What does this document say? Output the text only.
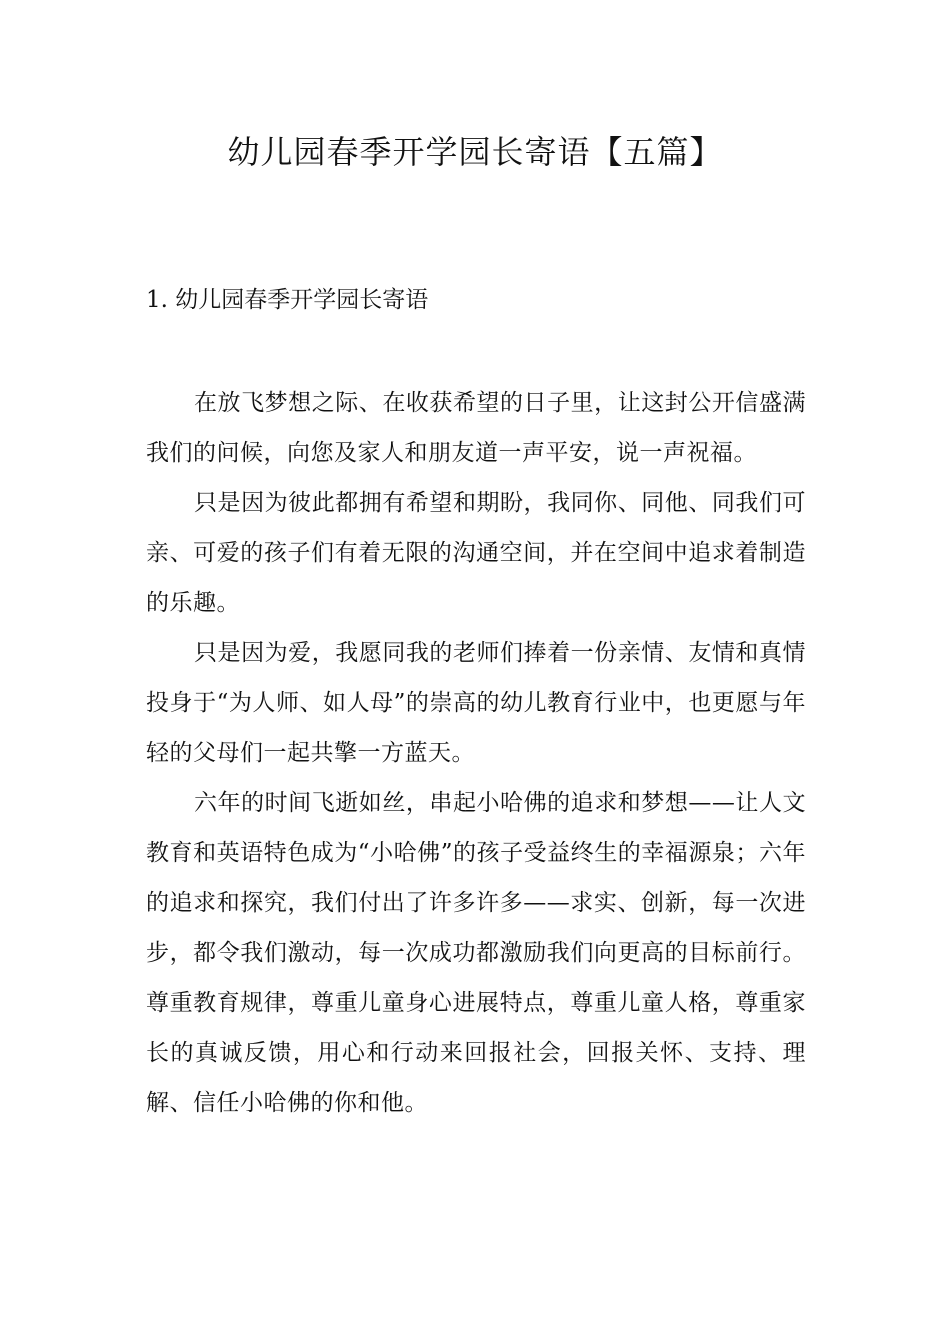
幼儿园春季开学园长寄语【五篇】
1. 幼儿园春季开学园长寄语

在放飞梦想之际、在收获希望的日子里，让这封公开信盛满我们的问候，向您及家人和朋友道一声平安，说一声祝福。

只是因为彼此都拥有希望和期盼，我同你、同他、同我们可亲、可爱的孩子们有着无限的沟通空间，并在空间中追求着制造的乐趣。

只是因为爱，我愿同我的老师们捧着一份亲情、友情和真情投身于“为人师、如人母”的崇高的幼儿教育行业中，也更愿与年轻的父母们一起共擎一方蓝天。

六年的时间飞逝如丝，串起小哈佛的追求和梦想——让人文教育和英语特色成为“小哈佛”的孩子受益终生的幸福源泉；六年的追求和探究，我们付出了许多许多——求实、创新，每一次进步，都令我们激动，每一次成功都激励我们向更高的目标前行。尊重教育规律，尊重儿童身心进展特点，尊重儿童人格，尊重家长的真诚反馈，用心和行动来回报社会，回报关怀、支持、理解、信任小哈佛的你和他。
